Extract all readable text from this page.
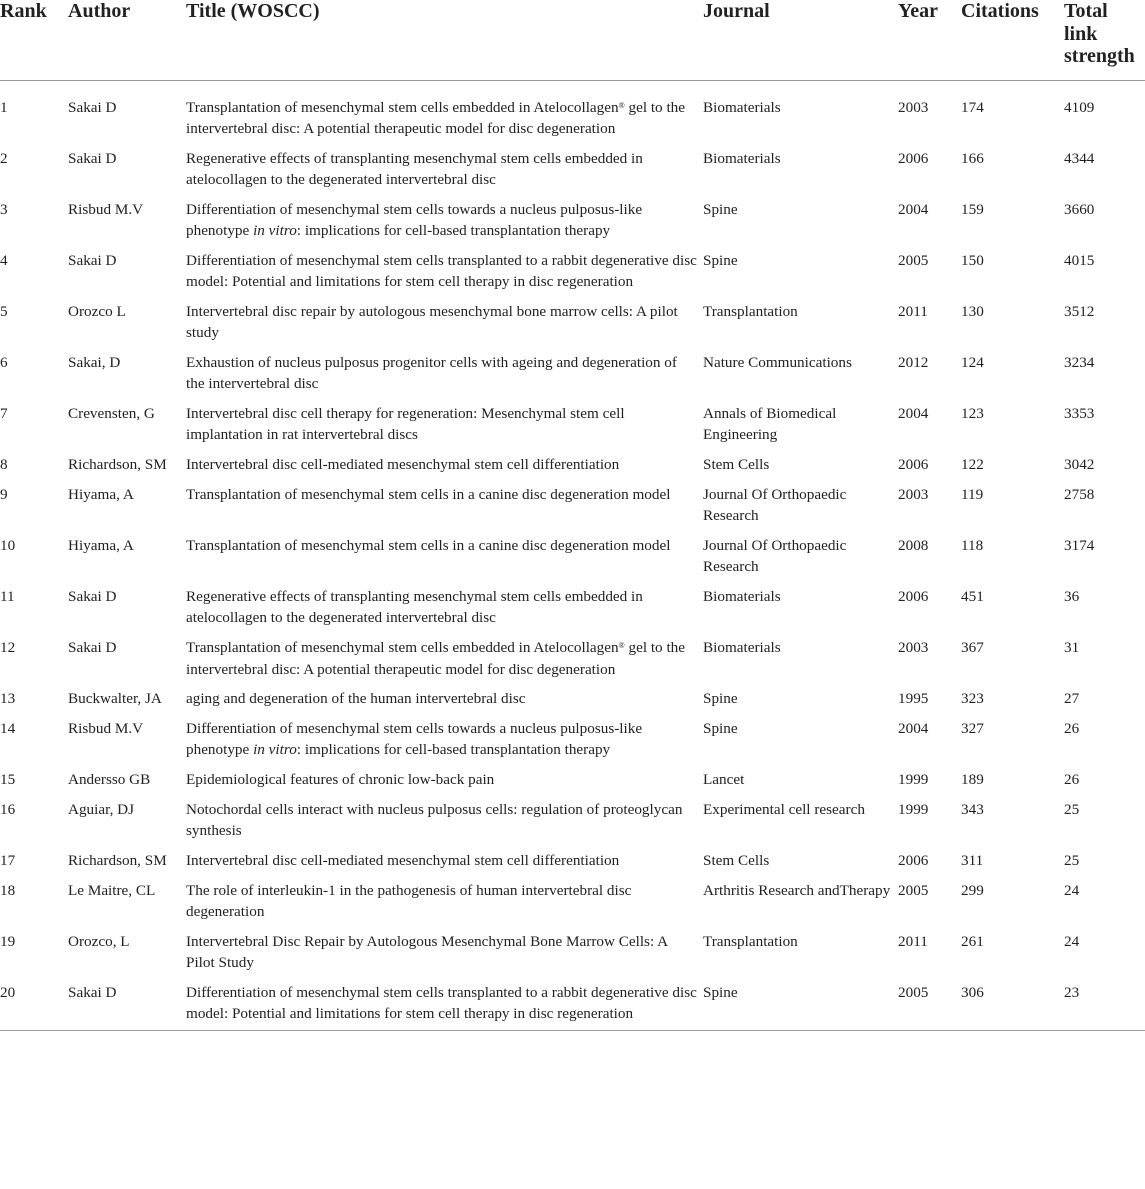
Rank	Author	Title (WOSCC)	Journal	Year	Citations	Total link strength
1	Sakai D	Transplantation of mesenchymal stem cells embedded in Atelocollagen® gel to the intervertebral disc: A potential therapeutic model for disc degeneration	Biomaterials	2003	174	4109
2	Sakai D	Regenerative effects of transplanting mesenchymal stem cells embedded in atelocollagen to the degenerated intervertebral disc	Biomaterials	2006	166	4344
3	Risbud M.V	Differentiation of mesenchymal stem cells towards a nucleus pulposus-like phenotype in vitro: implications for cell-based transplantation therapy	Spine	2004	159	3660
4	Sakai D	Differentiation of mesenchymal stem cells transplanted to a rabbit degenerative disc model: Potential and limitations for stem cell therapy in disc regeneration	Spine	2005	150	4015
5	Orozco L	Intervertebral disc repair by autologous mesenchymal bone marrow cells: A pilot study	Transplantation	2011	130	3512
6	Sakai, D	Exhaustion of nucleus pulposus progenitor cells with ageing and degeneration of the intervertebral disc	Nature Communications	2012	124	3234
7	Crevensten, G	Intervertebral disc cell therapy for regeneration: Mesenchymal stem cell implantation in rat intervertebral discs	Annals of Biomedical Engineering	2004	123	3353
8	Richardson, SM	Intervertebral disc cell-mediated mesenchymal stem cell differentiation	Stem Cells	2006	122	3042
9	Hiyama, A	Transplantation of mesenchymal stem cells in a canine disc degeneration model	Journal Of Orthopaedic Research	2003	119	2758
10	Hiyama, A	Transplantation of mesenchymal stem cells in a canine disc degeneration model	Journal Of Orthopaedic Research	2008	118	3174
11	Sakai D	Regenerative effects of transplanting mesenchymal stem cells embedded in atelocollagen to the degenerated intervertebral disc	Biomaterials	2006	451	36
12	Sakai D	Transplantation of mesenchymal stem cells embedded in Atelocollagen® gel to the intervertebral disc: A potential therapeutic model for disc degeneration	Biomaterials	2003	367	31
13	Buckwalter, JA	aging and degeneration of the human intervertebral disc	Spine	1995	323	27
14	Risbud M.V	Differentiation of mesenchymal stem cells towards a nucleus pulposus-like phenotype in vitro: implications for cell-based transplantation therapy	Spine	2004	327	26
15	Andersso GB	Epidemiological features of chronic low-back pain	Lancet	1999	189	26
16	Aguiar, DJ	Notochordal cells interact with nucleus pulposus cells: regulation of proteoglycan synthesis	Experimental cell research	1999	343	25
17	Richardson, SM	Intervertebral disc cell-mediated mesenchymal stem cell differentiation	Stem Cells	2006	311	25
18	Le Maitre, CL	The role of interleukin-1 in the pathogenesis of human intervertebral disc degeneration	Arthritis Research andTherapy	2005	299	24
19	Orozco, L	Intervertebral Disc Repair by Autologous Mesenchymal Bone Marrow Cells: A Pilot Study	Transplantation	2011	261	24
20	Sakai D	Differentiation of mesenchymal stem cells transplanted to a rabbit degenerative disc model: Potential and limitations for stem cell therapy in disc regeneration	Spine	2005	306	23
